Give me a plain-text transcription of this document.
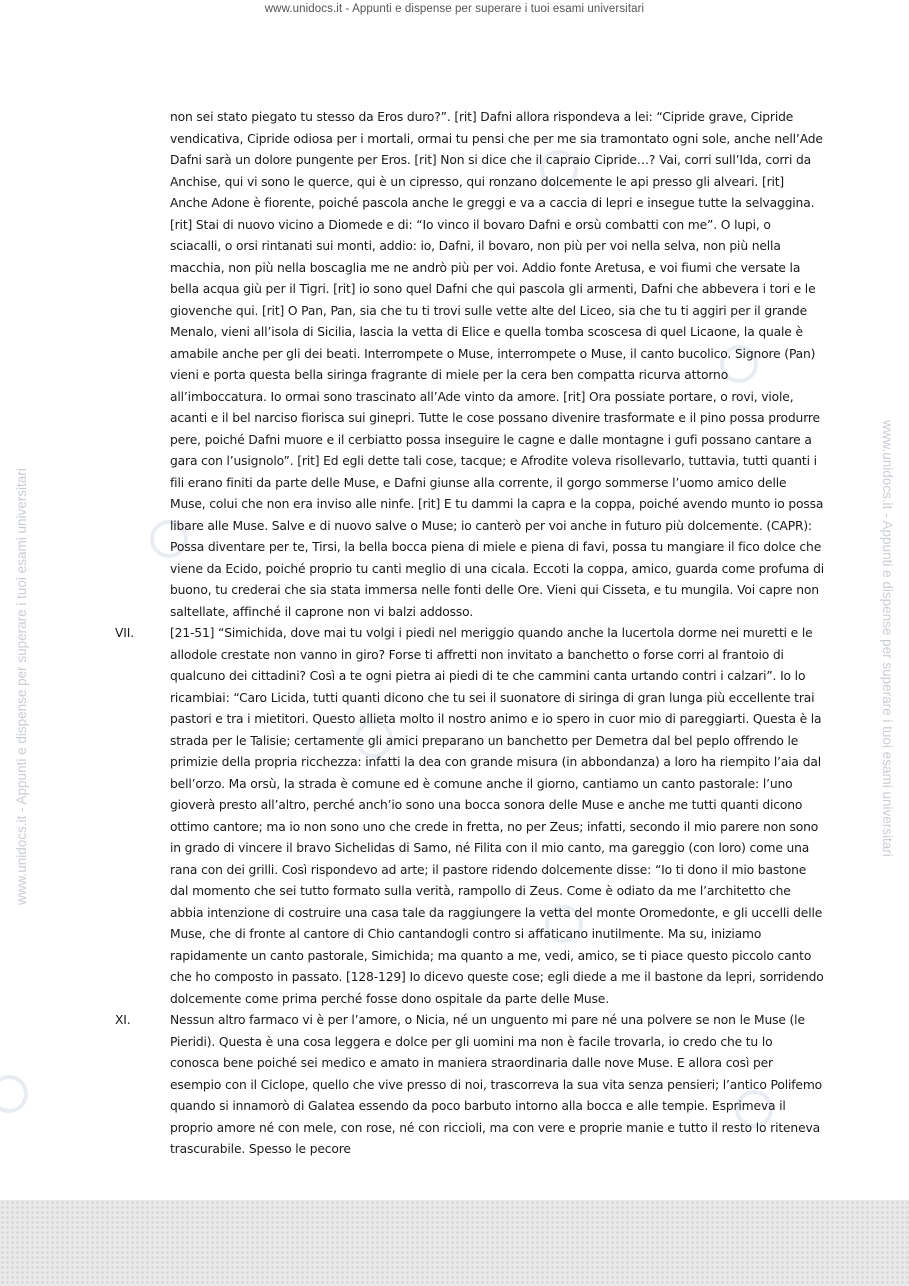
www.unidocs.it - Appunti e dispense per superare i tuoi esami universitari
www.unidocs.it - Appunti e dispense per superare i tuoi esami universitari	www.unidocs.it - Appunti e dispense per superare i tuoi esami universitari
non sei stato piegato tu stesso da Eros duro?”. [rit] Dafni allora rispondeva a lei: “Cipride grave, Cipride vendicativa, Cipride odiosa per i mortali, ormai tu pensi che per me sia tramontato ogni sole, anche nell’Ade Dafni sarà un dolore pungente per Eros. [rit] Non si dice che il capraio Cipride…? Vai, corri sull’Ida, corri da Anchise, qui vi sono le querce, qui è un cipresso, qui ronzano dolcemente le api presso gli alveari. [rit] Anche Adone è fiorente, poiché pascola anche le greggi e va a caccia di lepri e insegue tutte la selvaggina. [rit] Stai di nuovo vicino a Diomede e di: “Io vinco il bovaro Dafni e orsù combatti con me”. O lupi, o sciacalli, o orsi rintanati sui monti, addio: io, Dafni, il bovaro, non più per voi nella selva, non più nella macchia, non più nella boscaglia me ne andrò più per voi. Addio fonte Aretusa, e voi fiumi che versate la bella acqua giù per il Tigri. [rit] io sono quel Dafni che qui pascola gli armenti, Dafni che abbevera i tori e le giovenche qui. [rit] O Pan, Pan, sia che tu ti trovi sulle vette alte del Liceo, sia che tu ti aggiri per il grande Menalo, vieni all’isola di Sicilia, lascia la vetta di Elice e quella tomba scoscesa di quel Licaone, la quale è amabile anche per gli dei beati. Interrompete o Muse, interrompete o Muse, il canto bucolico. Signore (Pan) vieni e porta questa bella siringa fragrante di miele per la cera ben compatta ricurva attorno all’imboccatura. Io ormai sono trascinato all’Ade vinto da amore. [rit] Ora possiate portare, o rovi, viole, acanti e il bel narciso fiorisca sui ginepri. Tutte le cose possano divenire trasformate e il pino possa produrre pere, poiché Dafni muore e il cerbiatto possa inseguire le cagne e dalle montagne i gufi possano cantare a gara con l’usignolo”. [rit] Ed egli dette tali cose, tacque; e Afrodite voleva risollevarlo, tuttavia, tutti quanti i fili erano finiti da parte delle Muse, e Dafni giunse alla corrente, il gorgo sommerse l’uomo amico delle Muse, colui che non era inviso alle ninfe. [rit] E tu dammi la capra e la coppa, poiché avendo munto io possa libare alle Muse. Salve e di nuovo salve o Muse; io canterò per voi anche in futuro più dolcemente. (CAPR): Possa diventare per te, Tirsi, la bella bocca piena di miele e piena di favi, possa tu mangiare il fico dolce che viene da Ecido, poiché proprio tu canti meglio di una cicala. Eccoti la coppa, amico, guarda come profuma di buono, tu crederai che sia stata immersa nelle fonti delle Ore. Vieni qui Cisseta, e tu mungila. Voi capre non saltellate, affinché il caprone non vi balzi addosso.
VII.	[21-51] “Simichida, dove mai tu volgi i piedi nel meriggio quando anche la lucertola dorme nei muretti e le allodole crestate non vanno in giro? Forse ti affretti non invitato a banchetto o forse corri al frantoio di qualcuno dei cittadini? Così a te ogni pietra ai piedi di te che cammini canta urtando contri i calzari”. Io lo ricambiai: “Caro Licida, tutti quanti dicono che tu sei il suonatore di siringa di gran lunga più eccellente trai pastori e tra i mietitori. Questo allieta molto il nostro animo e io spero in cuor mio di pareggiarti. Questa è la strada per le Talisie; certamente gli amici preparano un banchetto per Demetra dal bel peplo offrendo le primizie della propria ricchezza: infatti la dea con grande misura (in abbondanza) a loro ha riempito l’aia dal bell’orzo. Ma orsù, la strada è comune ed è comune anche il giorno, cantiamo un canto pastorale: l’uno gioverà presto all’altro, perché anch’io sono una bocca sonora delle Muse e anche me tutti quanti dicono ottimo cantore; ma io non sono uno che crede in fretta, no per Zeus; infatti, secondo il mio parere non sono in grado di vincere il bravo Sichelidas di Samo, né Filita con il mio canto, ma gareggio (con loro) come una rana con dei grilli. Così rispondevo ad arte; il pastore ridendo dolcemente disse: “Io ti dono il mio bastone dal momento che sei tutto formato sulla verità, rampollo di Zeus. Come è odiato da me l’architetto che abbia intenzione di costruire una casa tale da raggiungere la vetta del monte Oromedonte, e gli uccelli delle Muse, che di fronte al cantore di Chio cantandogli contro si affaticano inutilmente. Ma su, iniziamo rapidamente un canto pastorale, Simichida; ma quanto a me, vedi, amico, se ti piace questo piccolo canto che ho composto in passato. [128-129] Io dicevo queste cose; egli diede a me il bastone da lepri, sorridendo dolcemente come prima perché fosse dono ospitale da parte delle Muse.
XI.	Nessun altro farmaco vi è per l’amore, o Nicia, né un unguento mi pare né una polvere se non le Muse (le Pieridi). Questa è una cosa leggera e dolce per gli uomini ma non è facile trovarla, io credo che tu lo conosca bene poiché sei medico e amato in maniera straordinaria dalle nove Muse. E allora così per esempio con il Ciclope, quello che vive presso di noi, trascorreva la sua vita senza pensieri; l’antico Polifemo quando si innamorò di Galatea essendo da poco barbuto intorno alla bocca e alle tempie. Esprimeva il proprio amore né con mele, con rose, né con riccioli, ma con vere e proprie manie e tutto il resto lo riteneva trascurabile. Spesso le pecore
